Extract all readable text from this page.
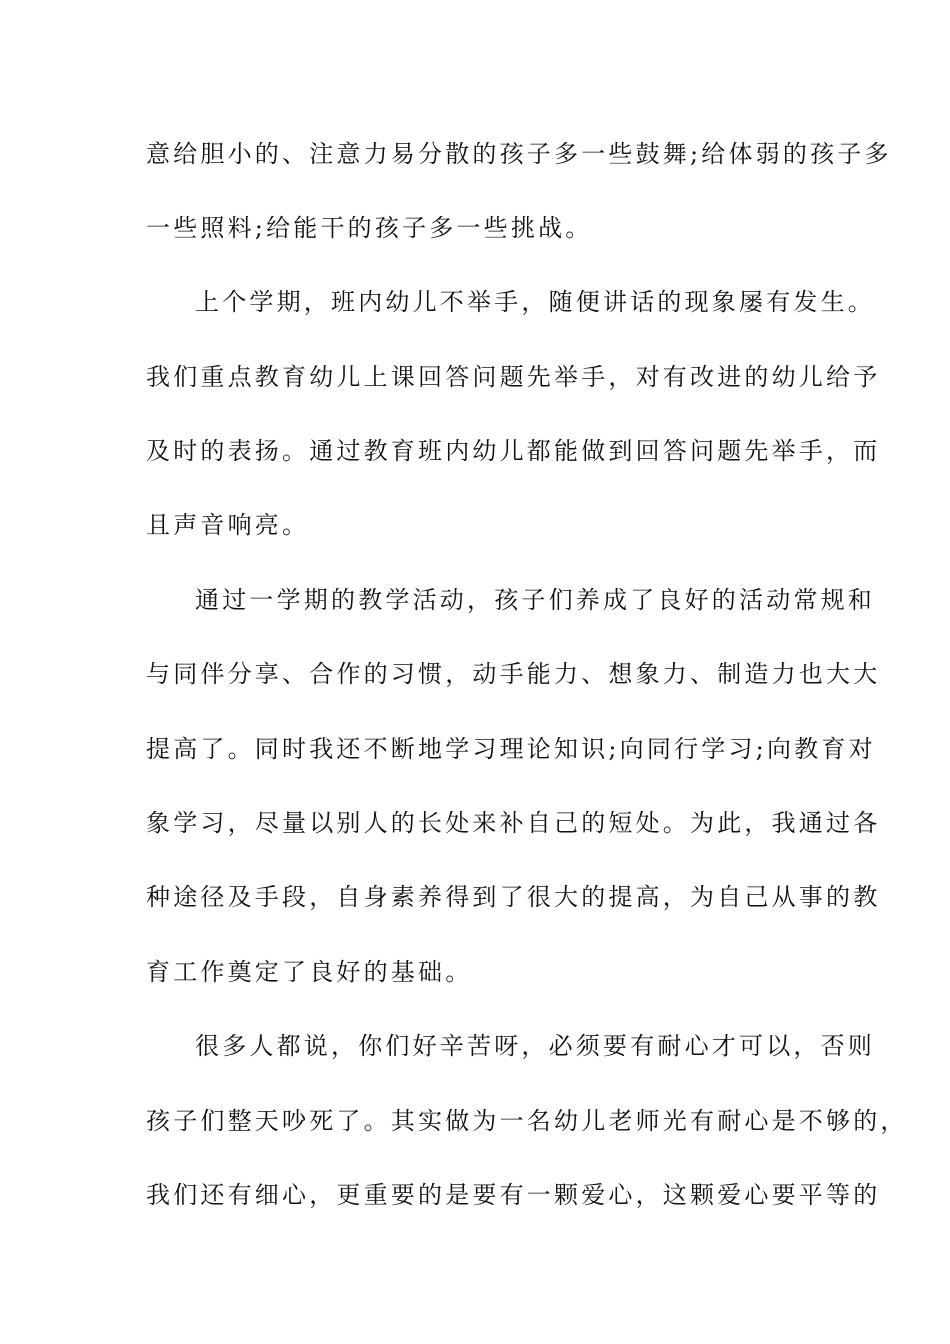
意给胆小的、注意力易分散的孩子多一些鼓舞;给体弱的孩子多
一些照料;给能干的孩子多一些挑战。
上个学期，班内幼儿不举手，随便讲话的现象屡有发生。
我们重点教育幼儿上课回答问题先举手，对有改进的幼儿给予
及时的表扬。通过教育班内幼儿都能做到回答问题先举手，而
且声音响亮。
通过一学期的教学活动，孩子们养成了良好的活动常规和
与同伴分享、合作的习惯，动手能力、想象力、制造力也大大
提高了。同时我还不断地学习理论知识;向同行学习;向教育对
象学习，尽量以别人的长处来补自己的短处。为此，我通过各
种途径及手段，自身素养得到了很大的提高，为自己从事的教
育工作奠定了良好的基础。
很多人都说，你们好辛苦呀，必须要有耐心才可以，否则
孩子们整天吵死了。其实做为一名幼儿老师光有耐心是不够的，
我们还有细心，更重要的是要有一颗爱心，这颗爱心要平等的
